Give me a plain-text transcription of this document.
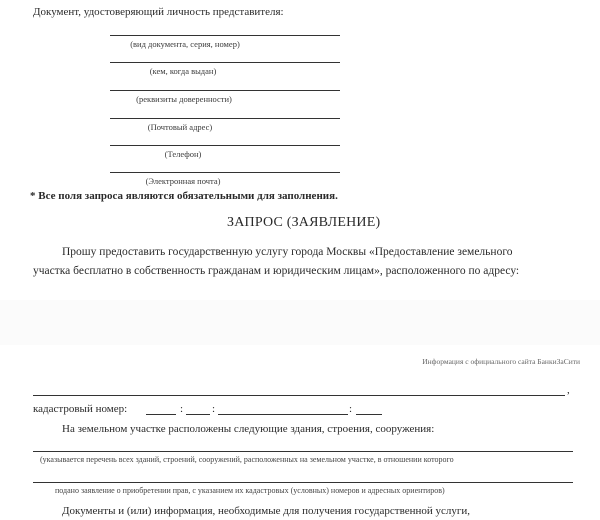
Документ, удостоверяющий личность представителя:
(вид документа, серия, номер)
(кем, когда выдан)
(реквизиты доверенности)
(Почтовый адрес)
(Телефон)
(Электронная почта)
* Все поля запроса являются обязательными для заполнения.
ЗАПРОС (ЗАЯВЛЕНИЕ)
Прошу предоставить государственную услугу города Москвы «Предоставление земельного
участка бесплатно в собственность гражданам и юридическим лицам», расположенного по адресу:
Информация с официального сайта БанкиЗаСити
,
кадастровый номер:	:	:	:
На земельном участке расположены следующие здания, строения, сооружения:
(указывается перечень всех зданий, строений, сооружений, расположенных на земельном участке, в отношении которого
подано заявление о приобретении прав, с указанием их кадастровых (условных) номеров и адресных ориентиров)
Документы и (или) информация, необходимые для получения государственной услуги,
